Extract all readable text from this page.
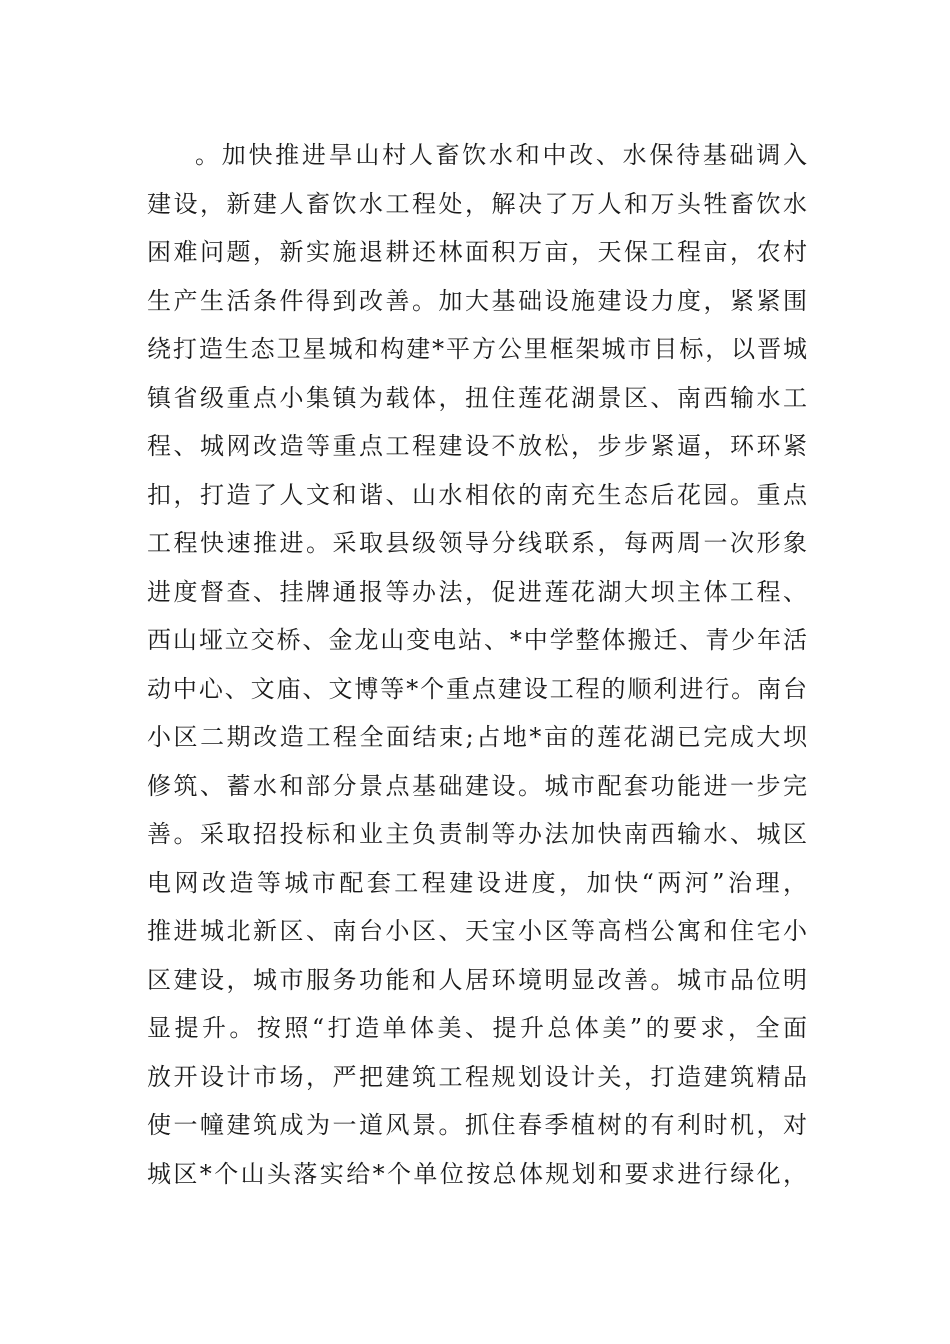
。加快推进旱山村人畜饮水和中改、水保待基础调入
建设，新建人畜饮水工程处，解决了万人和万头牲畜饮水
困难问题，新实施退耕还林面积万亩，天保工程亩，农村
生产生活条件得到改善。加大基础设施建设力度，紧紧围
绕打造生态卫星城和构建*平方公里框架城市目标，以晋城
镇省级重点小集镇为载体，扭住莲花湖景区、南西输水工
程、城网改造等重点工程建设不放松，步步紧逼，环环紧
扣，打造了人文和谐、山水相依的南充生态后花园。重点
工程快速推进。采取县级领导分线联系，每两周一次形象
进度督查、挂牌通报等办法，促进莲花湖大坝主体工程、
西山垭立交桥、金龙山变电站、*中学整体搬迁、青少年活
动中心、文庙、文博等*个重点建设工程的顺利进行。南台
小区二期改造工程全面结束;占地*亩的莲花湖已完成大坝
修筑、蓄水和部分景点基础建设。城市配套功能进一步完
善。采取招投标和业主负责制等办法加快南西输水、城区
电网改造等城市配套工程建设进度，加快“两河”治理，
推进城北新区、南台小区、天宝小区等高档公寓和住宅小
区建设，城市服务功能和人居环境明显改善。城市品位明
显提升。按照“打造单体美、提升总体美”的要求，全面
放开设计市场，严把建筑工程规划设计关，打造建筑精品
使一幢建筑成为一道风景。抓住春季植树的有利时机，对
城区*个山头落实给*个单位按总体规划和要求进行绿化，
